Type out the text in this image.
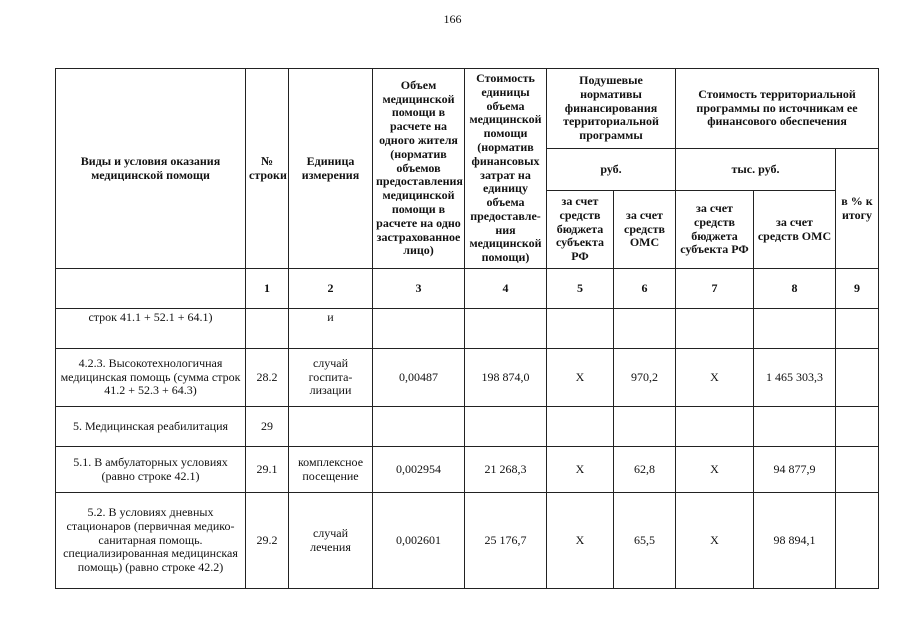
166
Виды и условия оказания медицинской помощи	№ строки	Единица измерения	Объем медицинской помощи в расчете на одного жителя (норматив объемов предоставления медицинской помощи в расчете на одно застрахованное лицо)	Стоимость единицы объема медицинской помощи (норматив финансовых затрат на единицу объема предоставле-ния медицинской помощи)	Подушевые нормативы финансирования территориальной программы		Стоимость территориальной программы по источникам ее финансового обеспечения		
					руб.		тыс. руб.		в % к итогу
					за счет средств бюджета субъекта РФ	за счет средств ОМС	за счет средств бюджета субъекта РФ	за счет средств ОМС	
	1	2	3	4	5	6	7	8	9
строк 41.1 + 52.1 + 64.1)		и							
4.2.3. Высокотехнологичная медицинская помощь (сумма строк 41.2 + 52.3 + 64.3)	28.2	случай госпита-лизации	0,00487	198 874,0	X	970,2	X	1 465 303,3	
5. Медицинская реабилитация	29								
5.1. В амбулаторных условиях (равно строке 42.1)	29.1	комплексное посещение	0,002954	21 268,3	X	62,8	X	94 877,9	
5.2. В условиях дневных стационаров (первичная медико-санитарная помощь. специализированная медицинская помощь) (равно строке 42.2)	29.2	случай лечения	0,002601	25 176,7	X	65,5	X	98 894,1	
